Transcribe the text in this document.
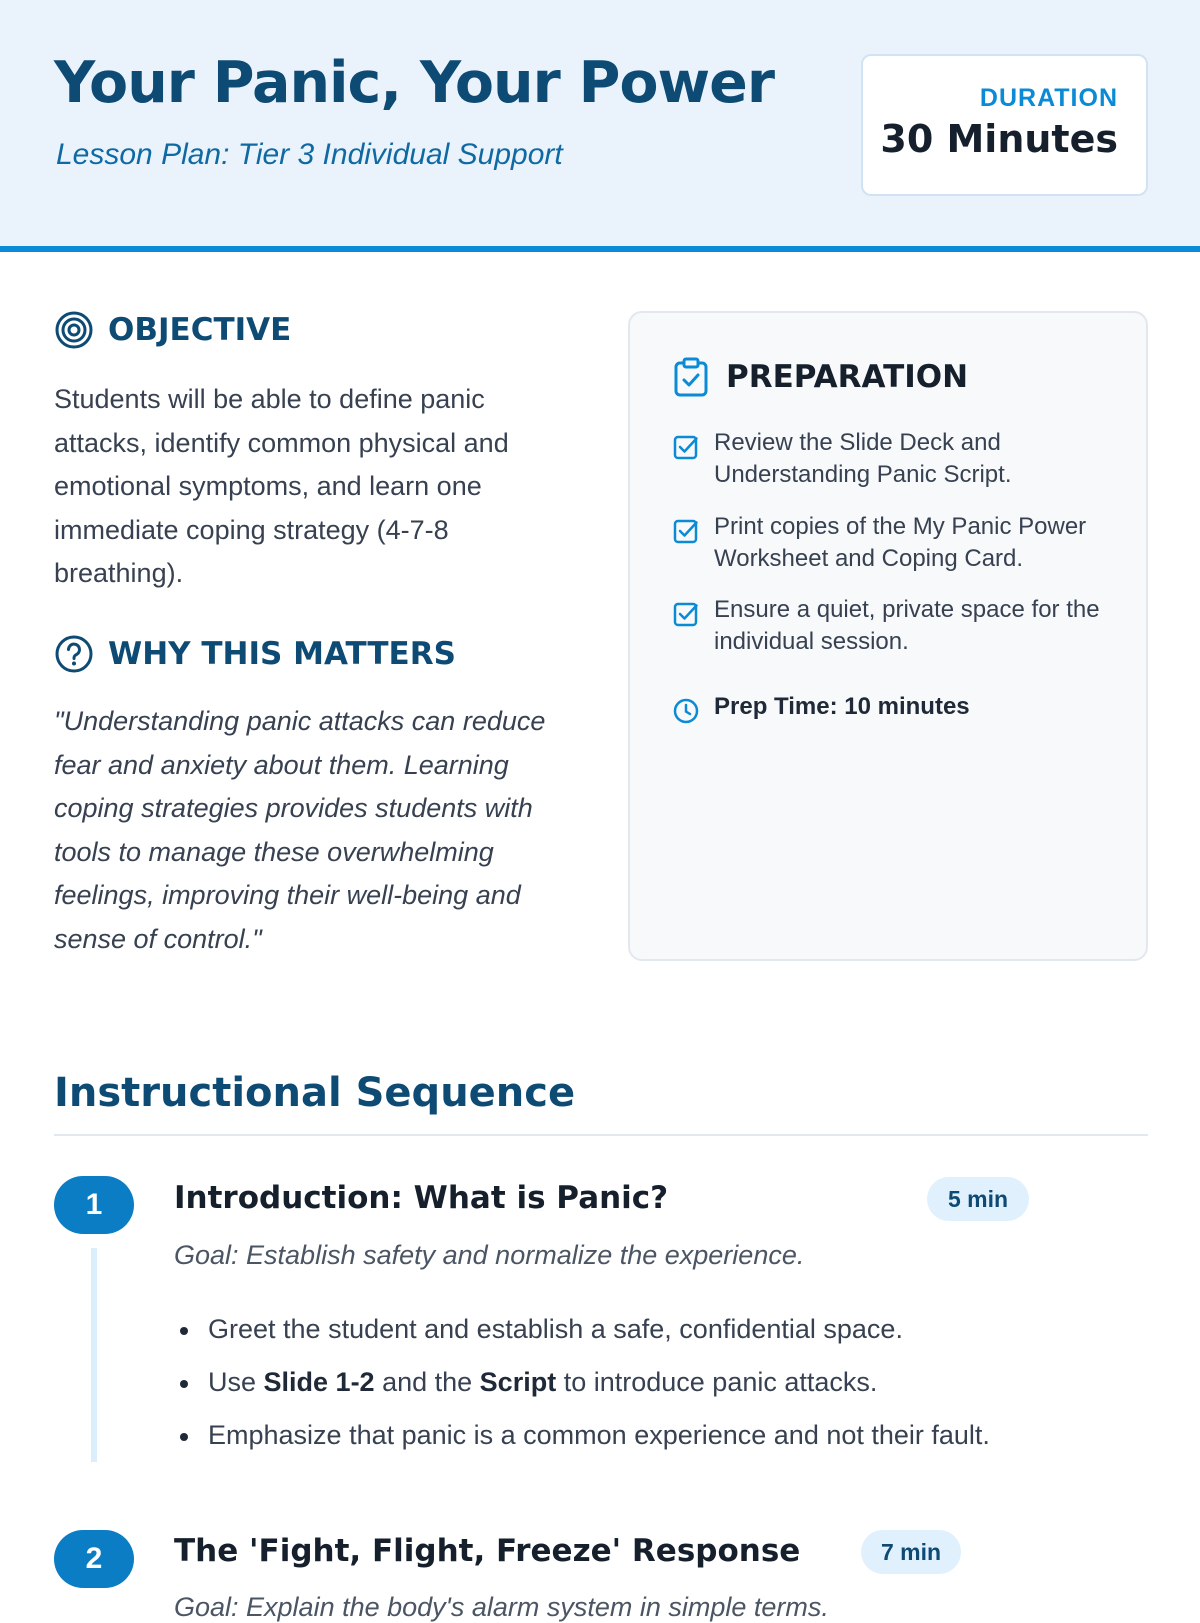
Your Panic, Your Power
Lesson Plan: Tier 3 Individual Support
DURATION
30 Minutes
OBJECTIVE
Students will be able to define panic attacks, identify common physical and emotional symptoms, and learn one immediate coping strategy (4-7-8 breathing).
WHY THIS MATTERS
"Understanding panic attacks can reduce fear and anxiety about them. Learning coping strategies provides students with tools to manage these overwhelming feelings, improving their well-being and sense of control."
PREPARATION
Review the Slide Deck and Understanding Panic Script.
Print copies of the My Panic Power Worksheet and Coping Card.
Ensure a quiet, private space for the individual session.
Prep Time: 10 minutes
Instructional Sequence
1	Introduction: What is Panic?	5 min
Goal: Establish safety and normalize the experience.
Greet the student and establish a safe, confidential space.
Use Slide 1-2 and the Script to introduce panic attacks.
Emphasize that panic is a common experience and not their fault.
2	The 'Fight, Flight, Freeze' Response	7 min
Goal: Explain the body's alarm system in simple terms.
